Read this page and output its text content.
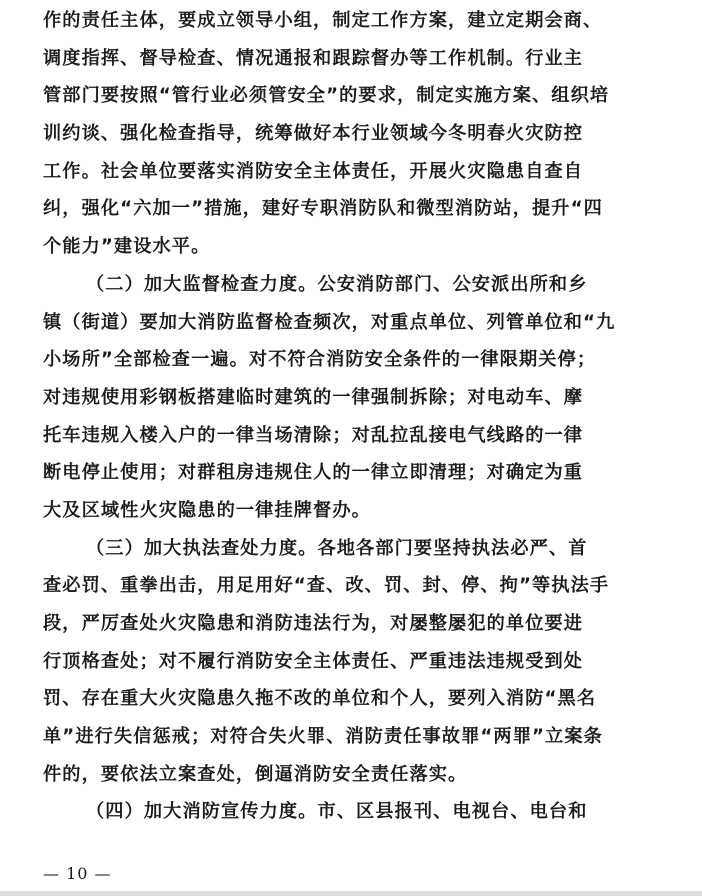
作的责任主体，要成立领导小组，制定工作方案，建立定期会商、
调度指挥、督导检查、情况通报和跟踪督办等工作机制。行业主
管部门要按照“管行业必须管安全”的要求，制定实施方案、组织培
训约谈、强化检查指导，统筹做好本行业领域今冬明春火灾防控
工作。社会单位要落实消防安全主体责任，开展火灾隐患自查自
纠，强化“六加一”措施，建好专职消防队和微型消防站，提升“四
个能力”建设水平。
（二）加大监督检查力度。公安消防部门、公安派出所和乡
镇（街道）要加大消防监督检查频次，对重点单位、列管单位和“九
小场所”全部检查一遍。对不符合消防安全条件的一律限期关停；
对违规使用彩钢板搭建临时建筑的一律强制拆除；对电动车、摩
托车违规入楼入户的一律当场清除；对乱拉乱接电气线路的一律
断电停止使用；对群租房违规住人的一律立即清理；对确定为重
大及区域性火灾隐患的一律挂牌督办。
（三）加大执法查处力度。各地各部门要坚持执法必严、首
查必罚、重拳出击，用足用好“查、改、罚、封、停、拘”等执法手
段，严厉查处火灾隐患和消防违法行为，对屡整屡犯的单位要进
行顶格查处；对不履行消防安全主体责任、严重违法违规受到处
罚、存在重大火灾隐患久拖不改的单位和个人，要列入消防“黑名
单”进行失信惩戒；对符合失火罪、消防责任事故罪“两罪”立案条
件的，要依法立案查处，倒逼消防安全责任落实。
（四）加大消防宣传力度。市、区县报刊、电视台、电台和
— 10 —
